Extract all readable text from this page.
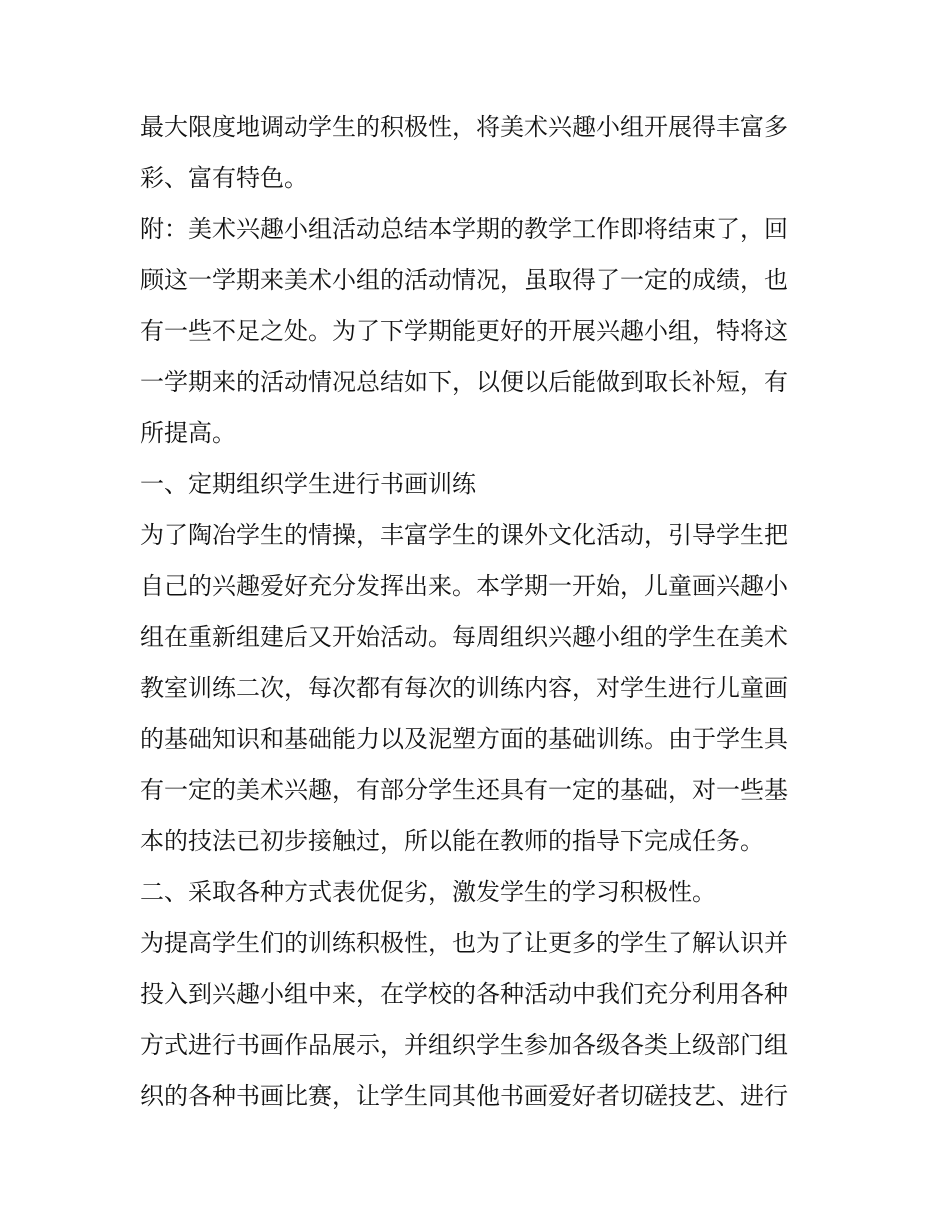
最大限度地调动学生的积极性，将美术兴趣小组开展得丰富多
彩、富有特色。
附：美术兴趣小组活动总结本学期的教学工作即将结束了，回
顾这一学期来美术小组的活动情况，虽取得了一定的成绩，也
有一些不足之处。为了下学期能更好的开展兴趣小组，特将这
一学期来的活动情况总结如下，以便以后能做到取长补短，有
所提高。
一、定期组织学生进行书画训练
为了陶冶学生的情操，丰富学生的课外文化活动，引导学生把
自己的兴趣爱好充分发挥出来。本学期一开始，儿童画兴趣小
组在重新组建后又开始活动。每周组织兴趣小组的学生在美术
教室训练二次，每次都有每次的训练内容，对学生进行儿童画
的基础知识和基础能力以及泥塑方面的基础训练。由于学生具
有一定的美术兴趣，有部分学生还具有一定的基础，对一些基
本的技法已初步接触过，所以能在教师的指导下完成任务。
二、采取各种方式表优促劣，激发学生的学习积极性。
为提高学生们的训练积极性，也为了让更多的学生了解认识并
投入到兴趣小组中来，在学校的各种活动中我们充分利用各种
方式进行书画作品展示，并组织学生参加各级各类上级部门组
织的各种书画比赛，让学生同其他书画爱好者切磋技艺、进行
